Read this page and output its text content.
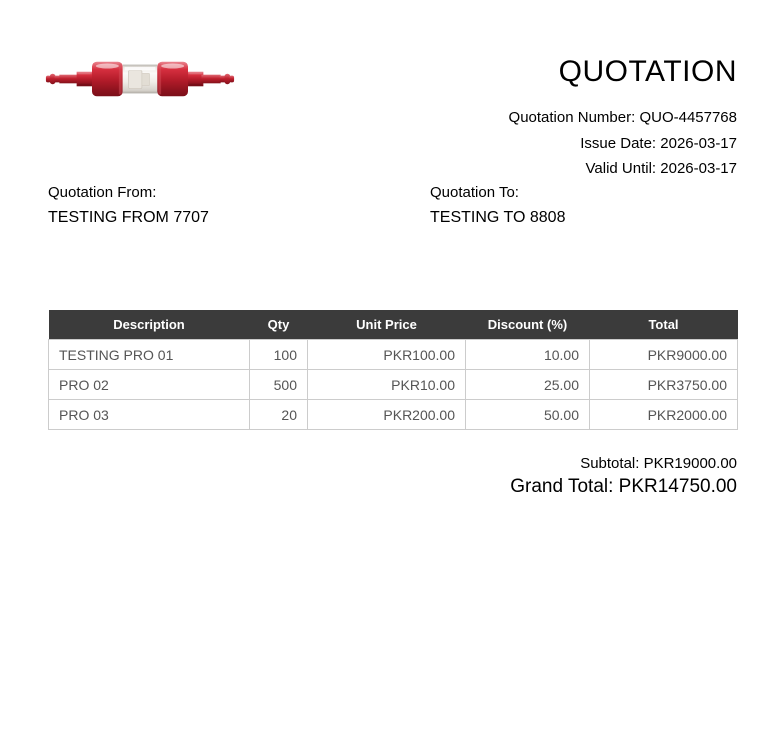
QUOTATION
Quotation Number: QUO-4457768
Issue Date: 2026-03-17
Valid Until: 2026-03-17
Quotation From:
TESTING FROM 7707
Quotation To:
TESTING TO 8808
Description	Qty	Unit Price	Discount (%)	Total
TESTING PRO 01	100	PKR100.00	10.00	PKR9000.00
PRO 02	500	PKR10.00	25.00	PKR3750.00
PRO 03	20	PKR200.00	50.00	PKR2000.00
Subtotal: PKR19000.00
Grand Total: PKR14750.00
